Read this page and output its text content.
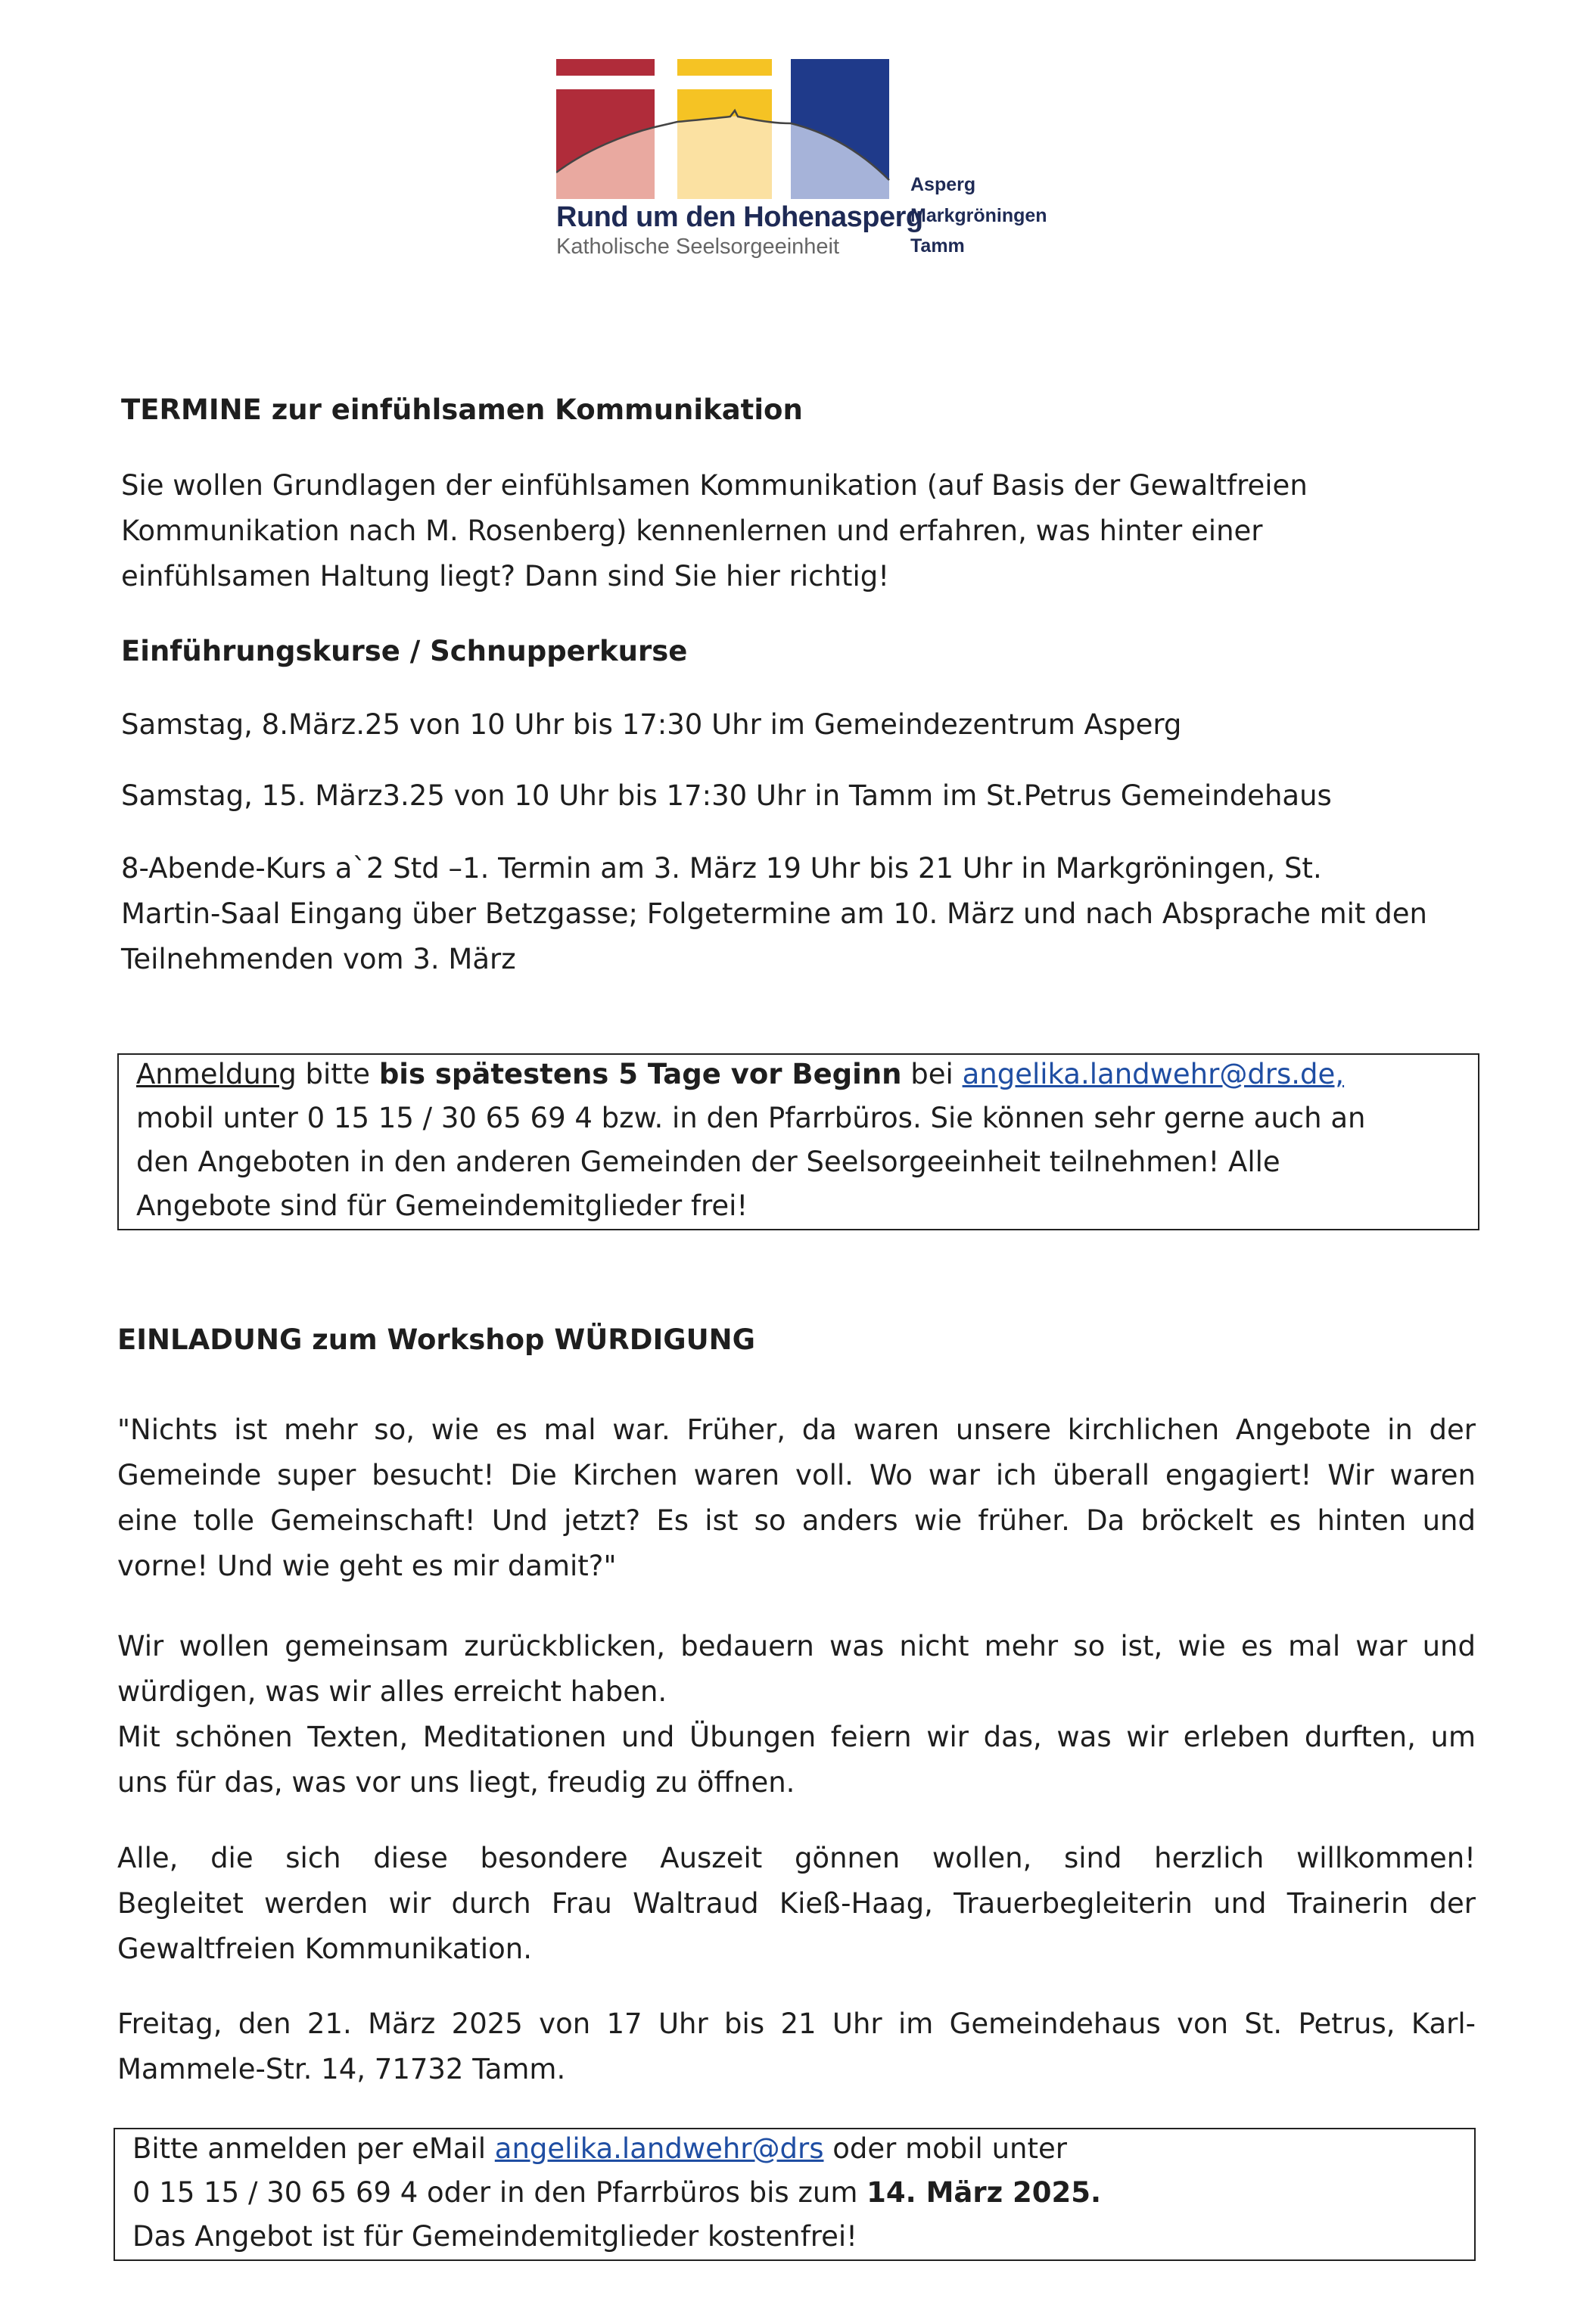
Rund um den Hohenasperg
Katholische Seelsorgeeinheit
Asperg
Markgröningen
Tamm
TERMINE zur einfühlsamen Kommunikation
Sie wollen Grundlagen der einfühlsamen Kommunikation (auf Basis der Gewaltfreien
Kommunikation nach M. Rosenberg) kennenlernen und erfahren, was hinter einer
einfühlsamen Haltung liegt? Dann sind Sie hier richtig!
Einführungskurse / Schnupperkurse
Samstag, 8.März.25 von 10 Uhr bis 17:30 Uhr im Gemeindezentrum Asperg
Samstag, 15. März3.25 von 10 Uhr bis 17:30 Uhr in Tamm im St.Petrus Gemeindehaus
8-Abende-Kurs a`2 Std –1. Termin am 3. März 19 Uhr bis 21 Uhr in Markgröningen, St.
Martin-Saal Eingang über Betzgasse; Folgetermine am 10. März und nach Absprache mit den
Teilnehmenden vom 3. März
Anmeldung bitte bis spätestens 5 Tage vor Beginn bei angelika.landwehr@drs.de,
mobil unter 0 15 15 / 30 65 69 4 bzw. in den Pfarrbüros. Sie können sehr gerne auch an
den Angeboten in den anderen Gemeinden der Seelsorgeeinheit teilnehmen! Alle
Angebote sind für Gemeindemitglieder frei!
EINLADUNG zum Workshop WÜRDIGUNG
"Nichts ist mehr so, wie es mal war. Früher, da waren unsere kirchlichen Angebote in der
Gemeinde super besucht! Die Kirchen waren voll. Wo war ich überall engagiert! Wir waren
eine tolle Gemeinschaft! Und jetzt? Es ist so anders wie früher. Da bröckelt es hinten und
vorne! Und wie geht es mir damit?"
Wir wollen gemeinsam zurückblicken, bedauern was nicht mehr so ist, wie es mal war und
würdigen, was wir alles erreicht haben.
Mit schönen Texten, Meditationen und Übungen feiern wir das, was wir erleben durften, um
uns für das, was vor uns liegt, freudig zu öffnen.
Alle, die sich diese besondere Auszeit gönnen wollen, sind herzlich willkommen!
Begleitet werden wir durch Frau Waltraud Kieß-Haag, Trauerbegleiterin und Trainerin der
Gewaltfreien Kommunikation.
Freitag, den 21. März 2025 von 17 Uhr bis 21 Uhr im Gemeindehaus von St. Petrus, Karl-
Mammele-Str. 14, 71732 Tamm.
Bitte anmelden per eMail angelika.landwehr@drs oder mobil unter
0 15 15 / 30 65 69 4 oder in den Pfarrbüros bis zum 14. März 2025.
Das Angebot ist für Gemeindemitglieder kostenfrei!
